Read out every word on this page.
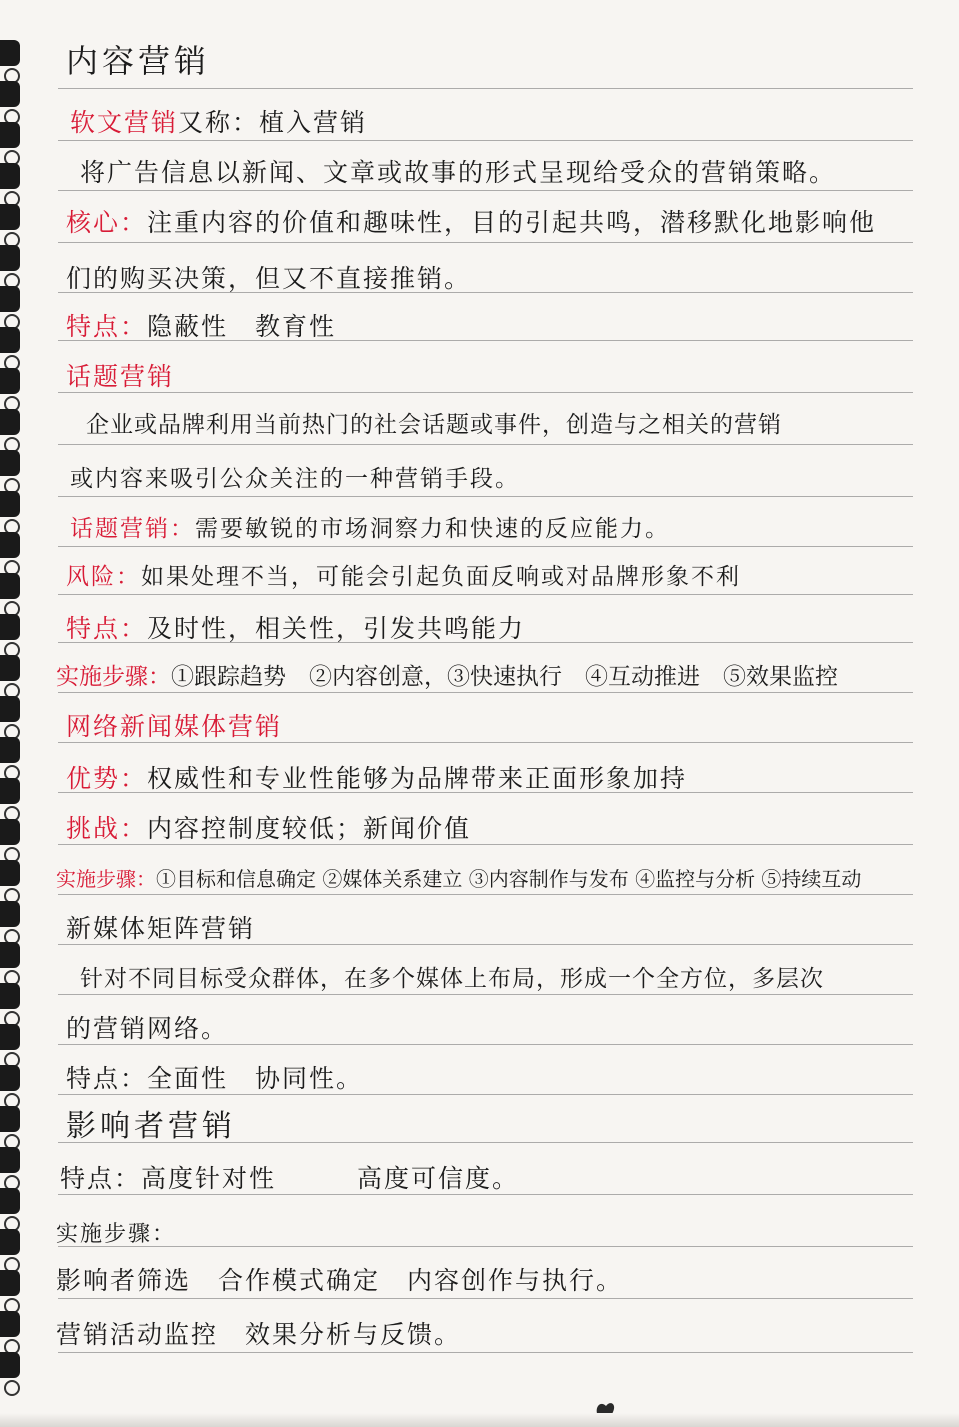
内容营销
软文营销又称：植入营销
将广告信息以新闻、文章或故事的形式呈现给受众的营销策略。
核心：注重内容的价值和趣味性，目的引起共鸣，潜移默化地影响他
们的购买决策，但又不直接推销。
特点：隐蔽性　教育性
话题营销
企业或品牌利用当前热门的社会话题或事件，创造与之相关的营销
或内容来吸引公众关注的一种营销手段。
话题营销：需要敏锐的市场洞察力和快速的反应能力。
风险：如果处理不当，可能会引起负面反响或对品牌形象不利
特点：及时性，相关性，引发共鸣能力
实施步骤：①跟踪趋势　②内容创意，③快速执行　④互动推进　⑤效果监控
网络新闻媒体营销
优势：权威性和专业性能够为品牌带来正面形象加持
挑战：内容控制度较低；新闻价值
实施步骤：①目标和信息确定 ②媒体关系建立 ③内容制作与发布 ④监控与分析 ⑤持续互动
新媒体矩阵营销
针对不同目标受众群体，在多个媒体上布局，形成一个全方位，多层次
的营销网络。
特点：全面性　协同性。
影响者营销
特点：高度针对性　　　高度可信度。
实施步骤：
影响者筛选　合作模式确定　内容创作与执行。
营销活动监控　效果分析与反馈。
